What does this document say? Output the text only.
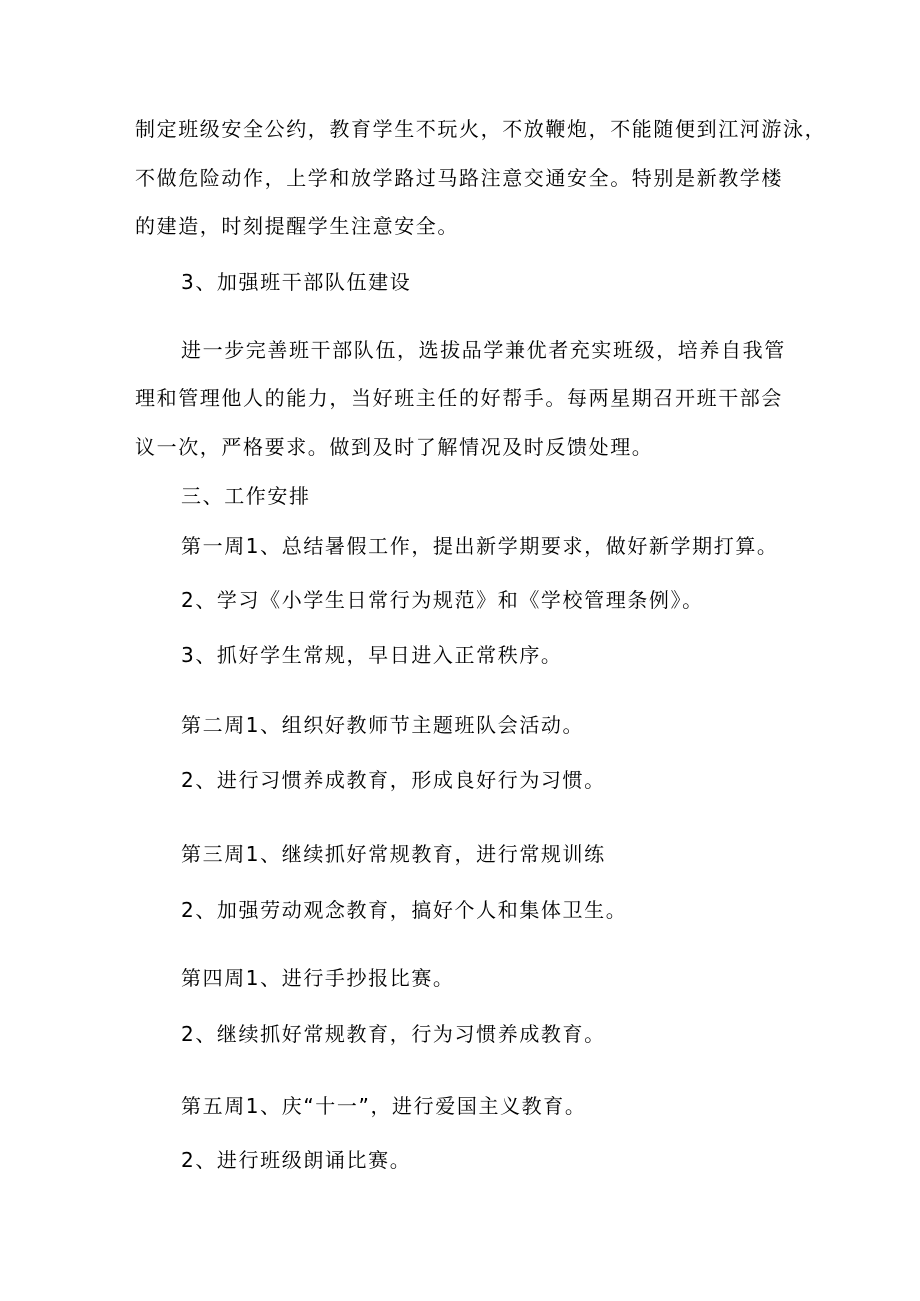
制定班级安全公约，教育学生不玩火，不放鞭炮，不能随便到江河游泳，
不做危险动作，上学和放学路过马路注意交通安全。特别是新教学楼
的建造，时刻提醒学生注意安全。
3、加强班干部队伍建设
进一步完善班干部队伍，选拔品学兼优者充实班级，培养自我管
理和管理他人的能力，当好班主任的好帮手。每两星期召开班干部会
议一次，严格要求。做到及时了解情况及时反馈处理。
三、工作安排
第一周1、总结暑假工作，提出新学期要求，做好新学期打算。
2、学习《小学生日常行为规范》和《学校管理条例》。
3、抓好学生常规，早日进入正常秩序。
第二周1、组织好教师节主题班队会活动。
2、进行习惯养成教育，形成良好行为习惯。
第三周1、继续抓好常规教育，进行常规训练
2、加强劳动观念教育，搞好个人和集体卫生。
第四周1、进行手抄报比赛。
2、继续抓好常规教育，行为习惯养成教育。
第五周1、庆“十一”，进行爱国主义教育。
2、进行班级朗诵比赛。
